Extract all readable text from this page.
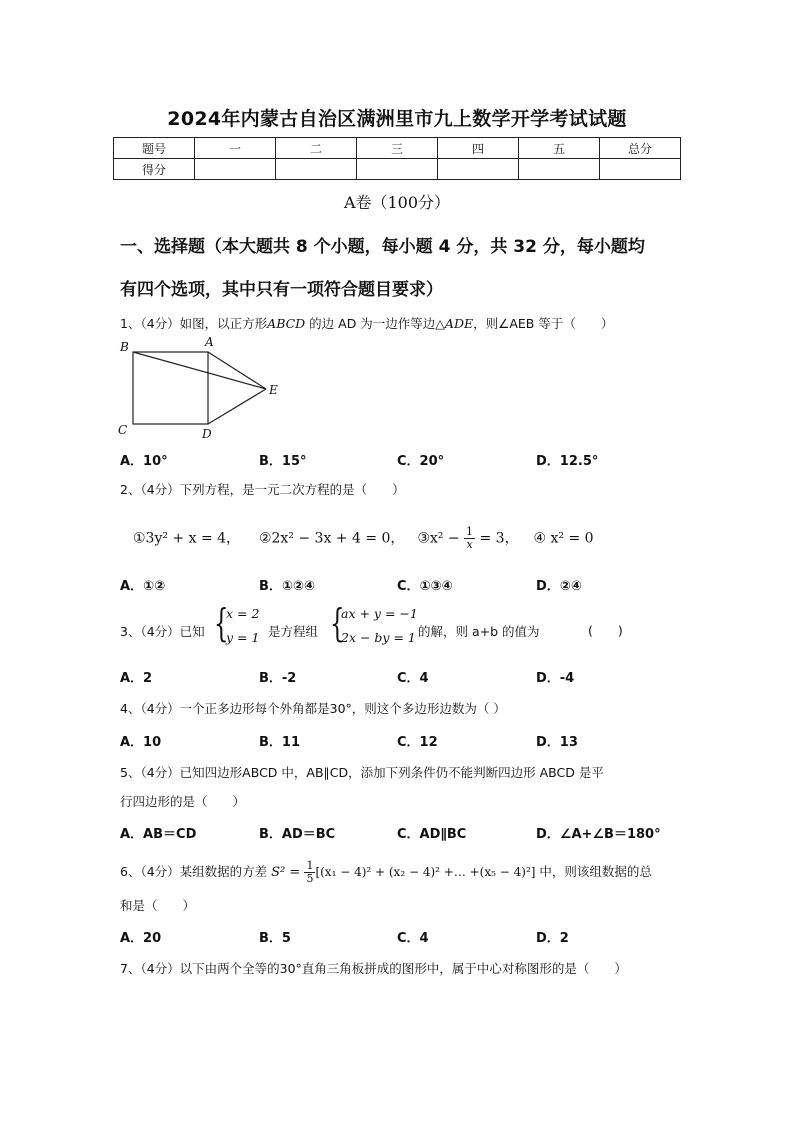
2024年内蒙古自治区满洲里市九上数学开学考试试题
题号	一	二	三	四	五	总分
得分						
A卷（100分）
一、选择题（本大题共 8 个小题，每小题 4 分，共 32 分，每小题均
有四个选项，其中只有一项符合题目要求）
1、（4分）如图，以正方形ABCD 的边 AD 为一边作等边△ADE，则∠AEB 等于（　　）
B	A
E
C	D
A．10°	B．15°	C．20°	D．12.5°
2、（4分）下列方程，是一元二次方程的是（　　）
①3y² + x = 4， ②2x² − 3x + 4 = 0， ③x² − $\frac{1}{x} = 3$， ④ x² = 0
A．①②	B．①②④	C．①③④	D．②④
3、（4分）已知 {
x = 2
y = 1 是方程组 {
ax + y = −1
2x − by = 1 的解，则 a+b 的值为	(　　)
A．2	B．-2	C．4	D．-4
4、（4分）一个正多边形每个外角都是30°，则这个多边形边数为（ ）
A．10	B．11	C．12	D．13
5、（4分）已知四边形ABCD 中，AB∥CD，添加下列条件仍不能判断四边形 ABCD 是平
行四边形的是（　　）
A．AB＝CD	B．AD＝BC	C．AD∥BC	D．∠A+∠B＝180°
6、（4分）某组数据的方差 $S^2 = \frac{1}{5} [(x_1 - 4)^2 + (x_2 - 4)^2$ +… +(x₅ − 4)²] 中，则该组数据的总
和是（　　）
A．20	B．5	C．4	D．2
7、（4分）以下由两个全等的30°直角三角板拼成的图形中，属于中心对称图形的是（　　）
